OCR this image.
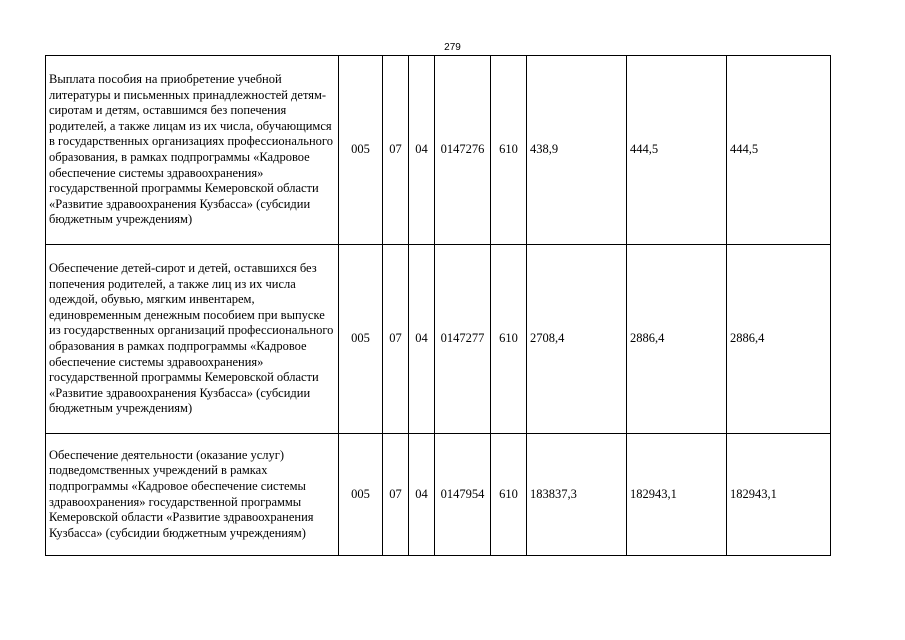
279
Выплата пособия на приобретение учебной литературы и письменных принадлежностей детям-сиротам и детям, оставшимся без попечения родителей, а также лицам из их числа, обучающимся в государственных организациях профессионального образования, в рамках подпрограммы «Кадровое обеспечение системы здравоохранения» государственной программы Кемеровской области «Развитие здравоохранения Кузбасса» (субсидии бюджетным учреждениям)	005	07	04	0147276	610	438,9	444,5	444,5
Обеспечение детей-сирот и детей, оставшихся без попечения родителей, а также лиц из их числа одеждой, обувью, мягким инвентарем, единовременным денежным пособием при выпуске из государственных организаций профессионального образования в рамках подпрограммы «Кадровое обеспечение системы здравоохранения» государственной программы Кемеровской области «Развитие здравоохранения Кузбасса» (субсидии бюджетным учреждениям)	005	07	04	0147277	610	2708,4	2886,4	2886,4
Обеспечение деятельности (оказание услуг) подведомственных учреждений в рамках подпрограммы «Кадровое обеспечение системы здравоохранения» государственной программы Кемеровской области «Развитие здравоохранения Кузбасса» (субсидии бюджетным учреждениям)	005	07	04	0147954	610	183837,3	182943,1	182943,1
